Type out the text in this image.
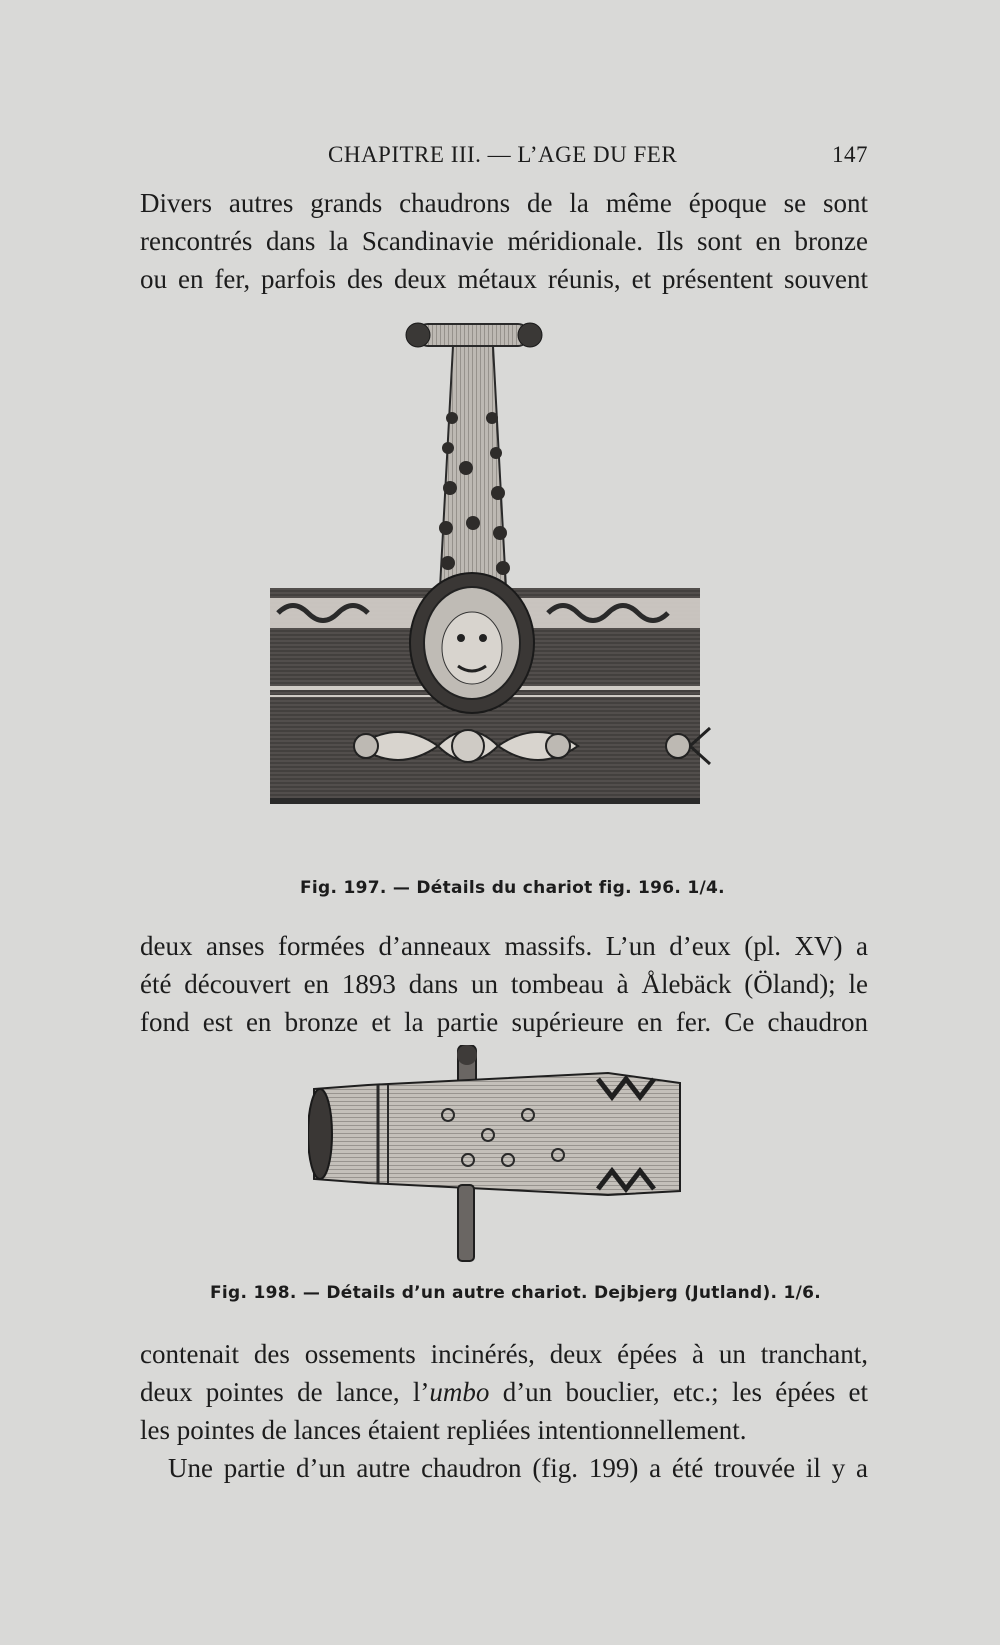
CHAPITRE III. — L’AGE DU FER	147
Divers autres grands chaudrons de la même époque se sont
rencontrés dans la Scandinavie méridionale. Ils sont en bronze
ou en fer, parfois des deux métaux réunis, et présentent souvent
Fig. 197. — Détails du chariot fig. 196. 1/4.
deux anses formées d’anneaux massifs. L’un d’eux (pl. XV) a
été découvert en 1893 dans un tombeau à Ålebäck (Öland); le
fond est en bronze et la partie supérieure en fer. Ce chaudron
Fig. 198. — Détails d’un autre chariot. Dejbjerg (Jutland). 1/6.
contenait des ossements incinérés, deux épées à un tranchant,
deux pointes de lance, l’umbo d’un bouclier, etc.; les épées et
les pointes de lances étaient repliées intentionnellement.
Une partie d’un autre chaudron (fig. 199) a été trouvée il y a
